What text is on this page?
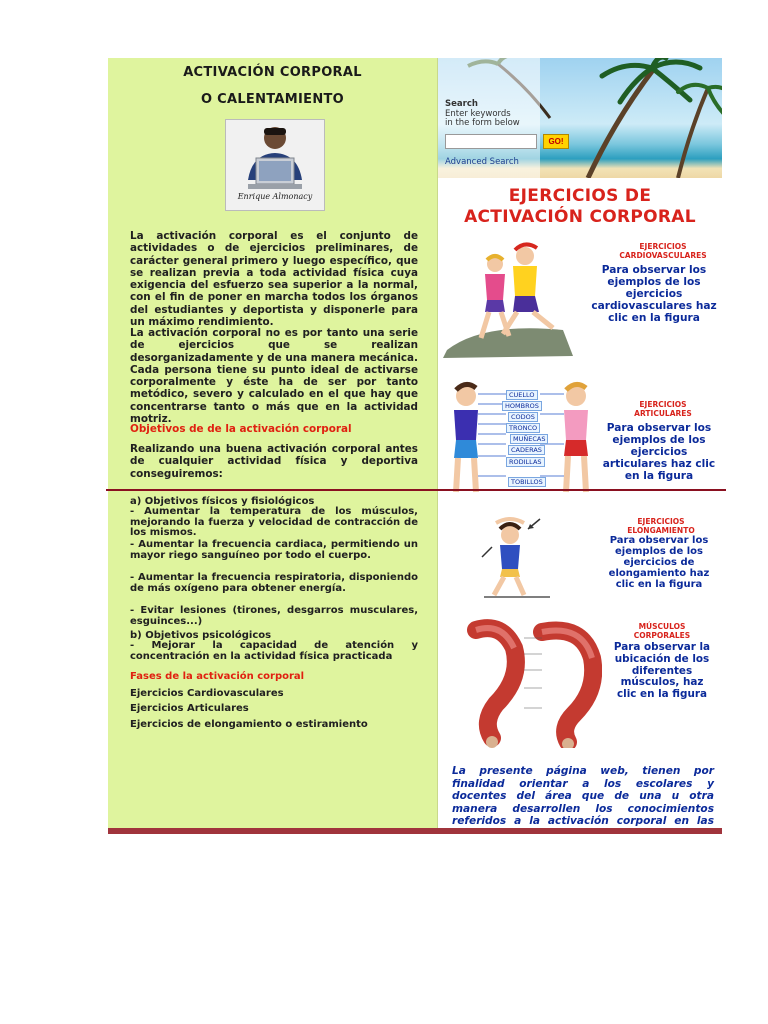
ACTIVACIÓN CORPORAL
O CALENTAMIENTO
Enrique Almonacy
La activación corporal es el conjunto de actividades o de ejercicios preliminares, de carácter general primero y luego específico, que se realizan previa a toda actividad física cuya exigencia del esfuerzo sea superior a la normal, con el fin de poner en marcha todos los órganos del estudiantes y deportista y disponerle para un máximo rendimiento.
La activación corporal no es por tanto una serie de ejercicios que se realizan desorganizadamente y de una manera mecánica. Cada persona tiene su punto ideal de activarse corporalmente y éste ha de ser por tanto metódico, severo y calculado en el que hay que concentrarse tanto o más que en la actividad motriz.
Objetivos de de la activación corporal
Realizando una buena activación corporal antes de cualquier actividad física y deportiva conseguiremos:
a) Objetivos físicos y fisiológicos
- Aumentar la temperatura de los músculos, mejorando la fuerza y velocidad de contracción de los mismos.
- Aumentar la frecuencia cardiaca, permitiendo un mayor riego sanguíneo por todo el cuerpo.
- Aumentar la frecuencia respiratoria, disponiendo de más oxígeno para obtener energía.
- Evitar lesiones (tirones, desgarros musculares, esguinces...)
b) Objetivos psicológicos
- Mejorar la capacidad de atención y concentración en la actividad física practicada
Fases de la activación corporal
Ejercicios Cardiovasculares
Ejercicios Articulares
Ejercicios de elongamiento o estiramiento
Search
Enter keywords
in the form below
GO!
Advanced Search
EJERCICIOS DE
ACTIVACIÓN CORPORAL
EJERCICIOS
CARDIOVASCULARES
Para observar los ejemplos de los ejercicios cardiovasculares haz clic en la figura
CUELLO
HOMBROS
CODOS
TRONCO
MUÑECAS
CADERAS
RODILLAS
TOBILLOS
EJERCICIOS
ARTICULARES
Para observar los ejemplos de los ejercicios articulares haz clic en la figura
EJERCICIOS
ELONGAMIENTO
Para observar los ejemplos de los ejercicios de elongamiento haz clic en la figura
MÚSCULOS
CORPORALES
Para observar la ubicación de los diferentes músculos, haz clic en la figura
La presente página web, tienen por finalidad orientar a los escolares y docentes del área que de una u otra manera desarrollen los conocimientos referidos a la activación corporal en las
